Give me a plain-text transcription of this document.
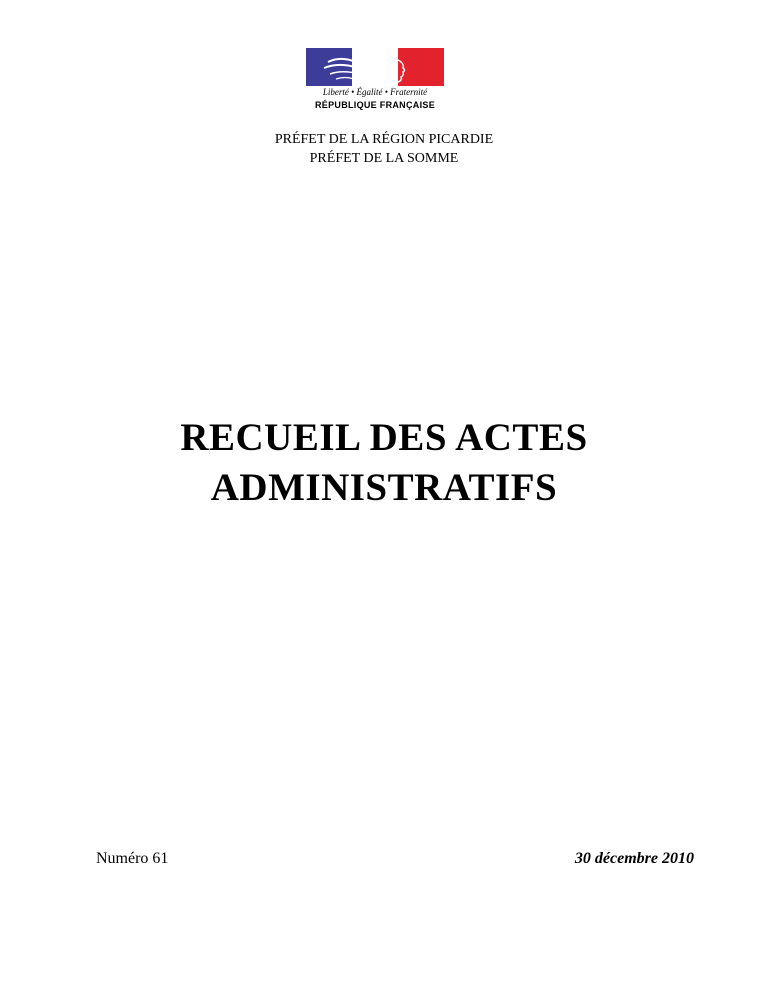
Liberté • Égalité • Fraternité
RÉPUBLIQUE FRANÇAISE
PRÉFET DE LA RÉGION PICARDIE
PRÉFET DE LA SOMME
RECUEIL DES ACTES
ADMINISTRATIFS
Numéro 61	30 décembre 2010
